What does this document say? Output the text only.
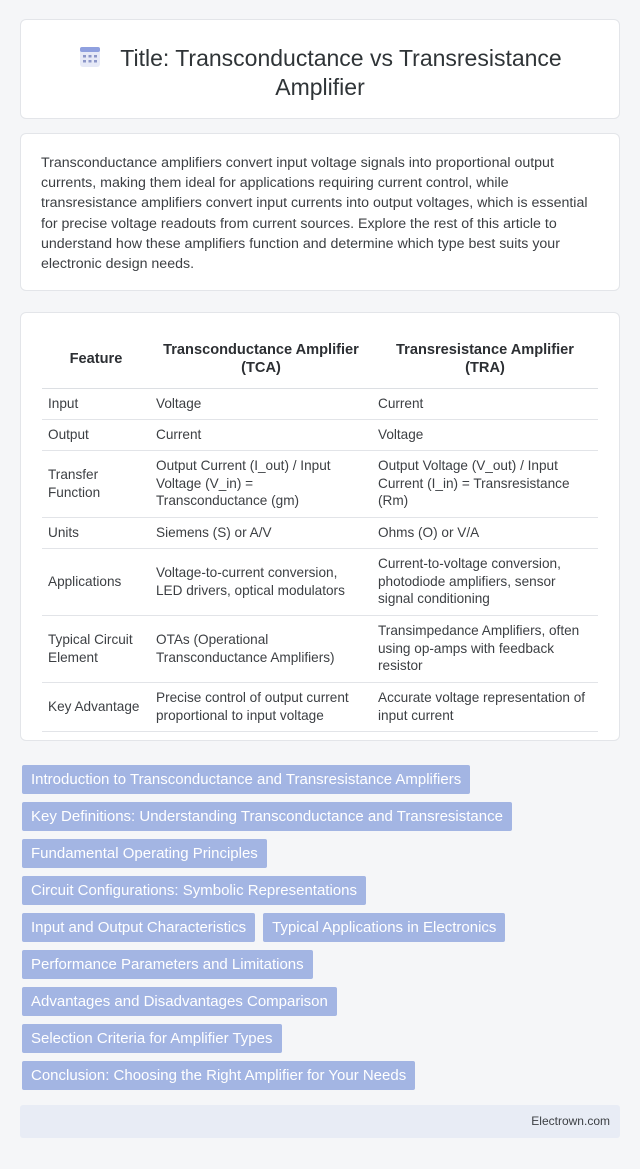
Title: Transconductance vs Transresistance
Amplifier

Transconductance amplifiers convert input voltage signals into proportional output currents, making them ideal for applications requiring current control, while transresistance amplifiers convert input currents into output voltages, which is essential for precise voltage readouts from current sources. Explore the rest of this article to understand how these amplifiers function and determine which type best suits your electronic design needs.

Feature	Transconductance Amplifier (TCA)	Transresistance Amplifier (TRA)
Input	Voltage	Current
Output	Current	Voltage
Transfer Function	Output Current (I_out) / Input Voltage (V_in) = Transconductance (gm)	Output Voltage (V_out) / Input Current (I_in) = Transresistance (Rm)
Units	Siemens (S) or A/V	Ohms (O) or V/A
Applications	Voltage-to-current conversion, LED drivers, optical modulators	Current-to-voltage conversion, photodiode amplifiers, sensor signal conditioning
Typical Circuit Element	OTAs (Operational Transconductance Amplifiers)	Transimpedance Amplifiers, often using op-amps with feedback resistor
Key Advantage	Precise control of output current proportional to input voltage	Accurate voltage representation of input current
Introduction to Transconductance and Transresistance Amplifiers
Key Definitions: Understanding Transconductance and Transresistance
Fundamental Operating Principles
Circuit Configurations: Symbolic Representations
Input and Output Characteristics	Typical Applications in Electronics
Performance Parameters and Limitations
Advantages and Disadvantages Comparison
Selection Criteria for Amplifier Types
Conclusion: Choosing the Right Amplifier for Your Needs
Electrown.com
